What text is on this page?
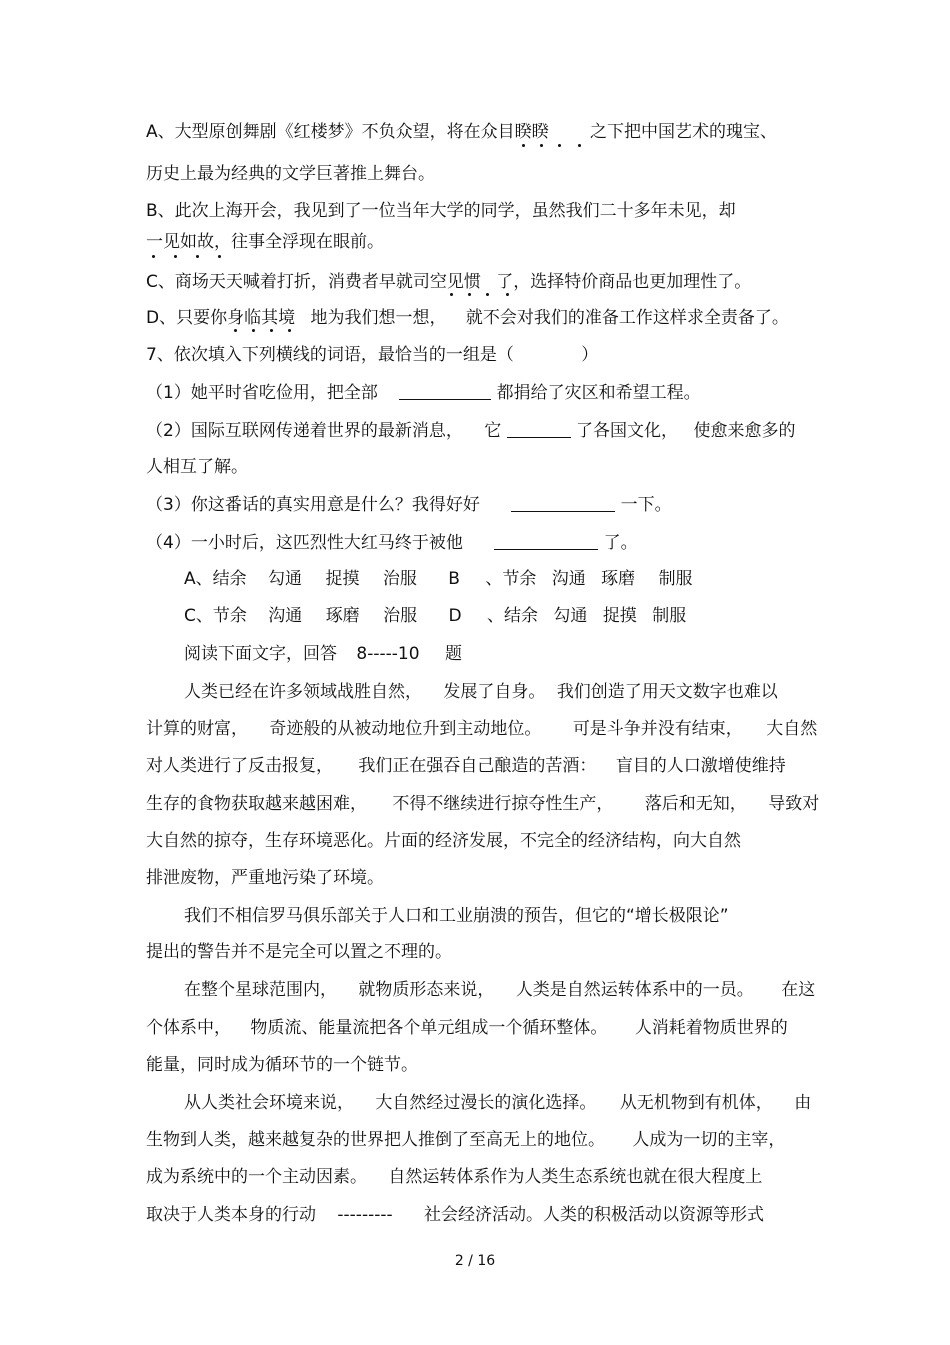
A、大型原创舞剧《红楼梦》不负众望，将在众目睽睽 之下把中国艺术的瑰宝、
历史上最为经典的文学巨著推上舞台。
B、此次上海开会，我见到了一位当年大学的同学，虽然我们二十多年未见，却
一见如故，往事全浮现在眼前。
C、商场天天喊着打折，消费者早就司空见惯 了，选择特价商品也更加理性了。
D、只要你身临其境 地为我们想一想， 就不会对我们的准备工作这样求全责备了。
7、依次填入下列横线的词语，最恰当的一组是（	）
（1）她平时省吃俭用，把全部	都捐给了灾区和希望工程。
（2）国际互联网传递着世界的最新消息， 它	了各国文化， 使愈来愈多的
人相互了解。
（3）你这番话的真实用意是什么？我得好好	一下。
（4）一小时后，这匹烈性大红马终于被他	了。
A、结余 勾通 捉摸 治服 B 、节余 沟通 琢磨 制服
C、节余 沟通 琢磨 治服 D 、结余 勾通 捉摸 制服
阅读下面文字，回答 8-----10 题
人类已经在许多领域战胜自然， 发展了自身。 我们创造了用天文数字也难以
计算的财富， 奇迹般的从被动地位升到主动地位。 可是斗争并没有结束， 大自然
对人类进行了反击报复， 我们正在强吞自己酿造的苦酒： 盲目的人口激增使维持
生存的食物获取越来越困难， 不得不继续进行掠夺性生产， 落后和无知， 导致对
大自然的掠夺，生存环境恶化。片面的经济发展，不完全的经济结构，向大自然
排泄废物，严重地污染了环境。
我们不相信罗马俱乐部关于人口和工业崩溃的预告，但它的“增长极限论”
提出的警告并不是完全可以置之不理的。
在整个星球范围内， 就物质形态来说， 人类是自然运转体系中的一员。 在这
个体系中， 物质流、能量流把各个单元组成一个循环整体。 人消耗着物质世界的
能量，同时成为循环节的一个链节。
从人类社会环境来说， 大自然经过漫长的演化选择。 从无机物到有机体， 由
生物到人类，越来越复杂的世界把人推倒了至高无上的地位。 人成为一切的主宰，
成为系统中的一个主动因素。 自然运转体系作为人类生态系统也就在很大程度上
取决于人类本身的行动 --------- 社会经济活动。人类的积极活动以资源等形式
2 / 16
